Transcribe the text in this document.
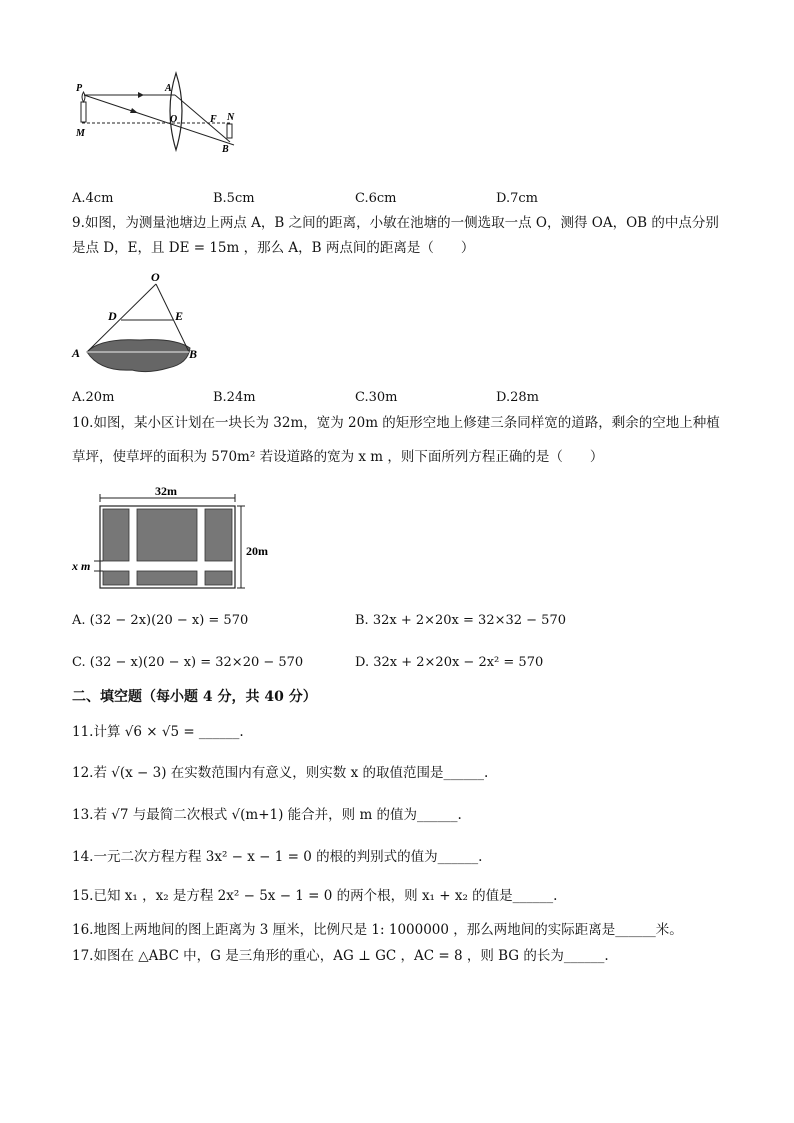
P
M
A
O	F N
B
A.4cm	B.5cm	C.6cm	D.7cm
9.如图，为测量池塘边上两点 A，B 之间的距离，小敏在池塘的一侧选取一点 O，测得 OA，OB 的中点分别
是点 D，E，且 DE = 15m ，那么 A，B 两点间的距离是（　　）
O
D	E
A	B
A.20m	B.24m	C.30m	D.28m
10.如图，某小区计划在一块长为 32m，宽为 20m 的矩形空地上修建三条同样宽的道路，剩余的空地上种植
草坪，使草坪的面积为 570m² 若设道路的宽为 x m ，则下面所列方程正确的是（　　）
32m
20m
x m
A. (32 − 2x)(20 − x) = 570	B. 32x + 2×20x = 32×32 − 570
C. (32 − x)(20 − x) = 32×20 − 570	D. 32x + 2×20x − 2x² = 570
二、填空题（每小题 4 分，共 40 分）
11.计算 √6 × √5 = ______.
12.若 √(x − 3) 在实数范围内有意义，则实数 x 的取值范围是______.
13.若 √7 与最简二次根式 √(m+1) 能合并，则 m 的值为______.
14.一元二次方程方程 3x² − x − 1 = 0 的根的判别式的值为______.
15.已知 x₁ ，x₂ 是方程 2x² − 5x − 1 = 0 的两个根，则 x₁ + x₂ 的值是______.
16.地图上两地间的图上距离为 3 厘米，比例尺是 1: 1000000 ，那么两地间的实际距离是______米。
17.如图在 △ABC 中，G 是三角形的重心，AG ⊥ GC ，AC = 8 ，则 BG 的长为______.
